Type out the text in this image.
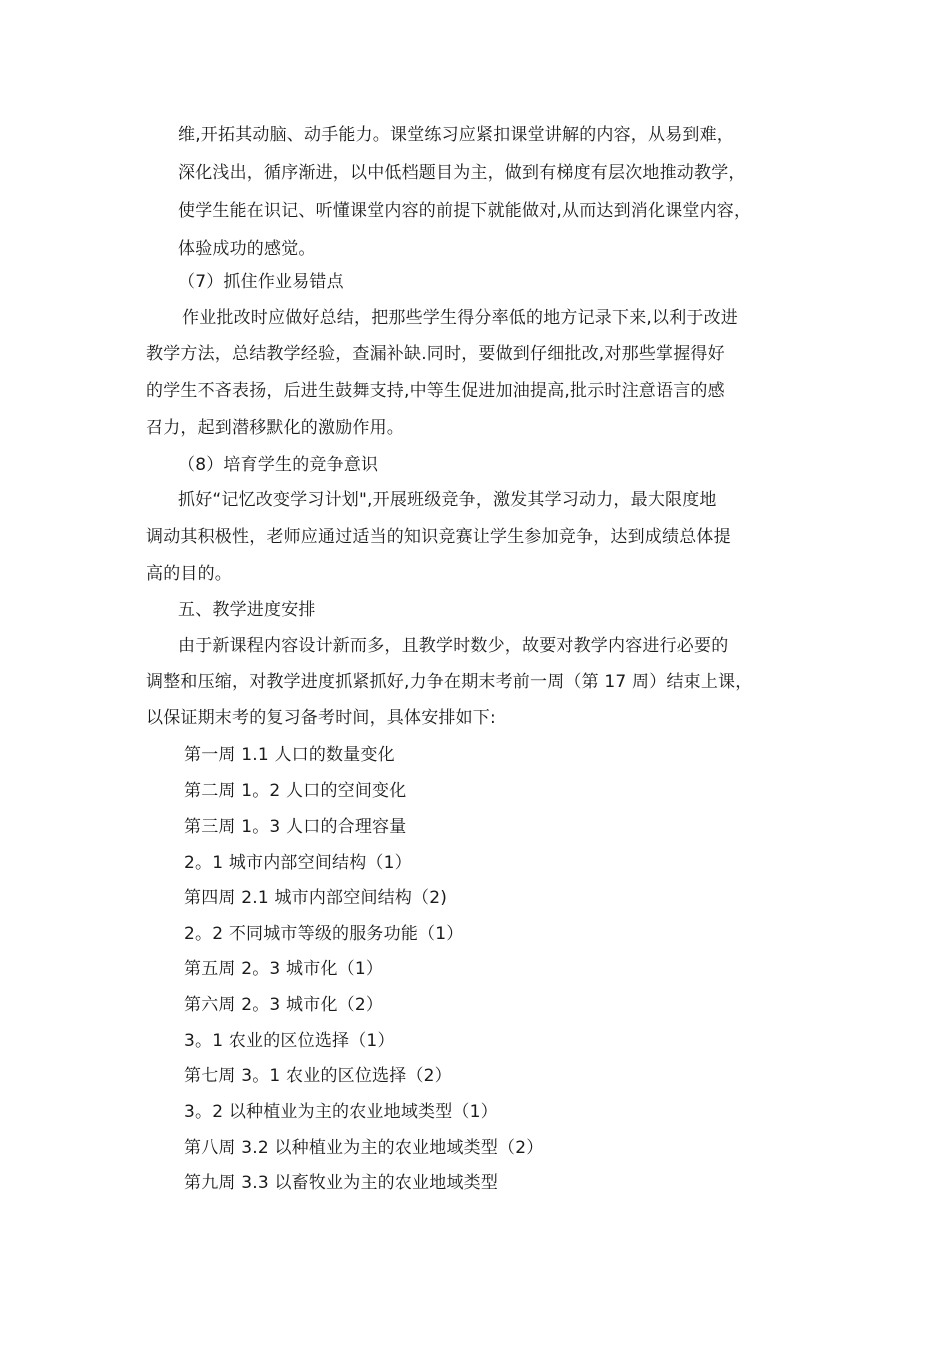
维,开拓其动脑、动手能力。课堂练习应紧扣课堂讲解的内容，从易到难，
深化浅出，循序渐进，以中低档题目为主，做到有梯度有层次地推动教学，
使学生能在识记、听懂课堂内容的前提下就能做对,从而达到消化课堂内容，
体验成功的感觉。
（7）抓住作业易错点
作业批改时应做好总结，把那些学生得分率低的地方记录下来,以利于改进
教学方法，总结教学经验，查漏补缺.同时，要做到仔细批改,对那些掌握得好
的学生不吝表扬，后进生鼓舞支持,中等生促进加油提高,批示时注意语言的感
召力，起到潜移默化的激励作用。
（8）培育学生的竞争意识
抓好“记忆改变学习计划",开展班级竞争，激发其学习动力，最大限度地
调动其积极性，老师应通过适当的知识竞赛让学生参加竞争，达到成绩总体提
高的目的。
五、教学进度安排
由于新课程内容设计新而多，且教学时数少，故要对教学内容进行必要的
调整和压缩，对教学进度抓紧抓好,力争在期末考前一周（第 17 周）结束上课，
以保证期末考的复习备考时间，具体安排如下:
第一周 1.1 人口的数量变化
第二周 1。2 人口的空间变化
第三周 1。3 人口的合理容量
2。1 城市内部空间结构（1）
第四周 2.1 城市内部空间结构（2)
2。2 不同城市等级的服务功能（1）
第五周 2。3 城市化（1）
第六周 2。3 城市化（2）
3。1 农业的区位选择（1）
第七周 3。1 农业的区位选择（2）
3。2 以种植业为主的农业地域类型（1）
第八周 3.2 以种植业为主的农业地域类型（2）
第九周 3.3 以畜牧业为主的农业地域类型
